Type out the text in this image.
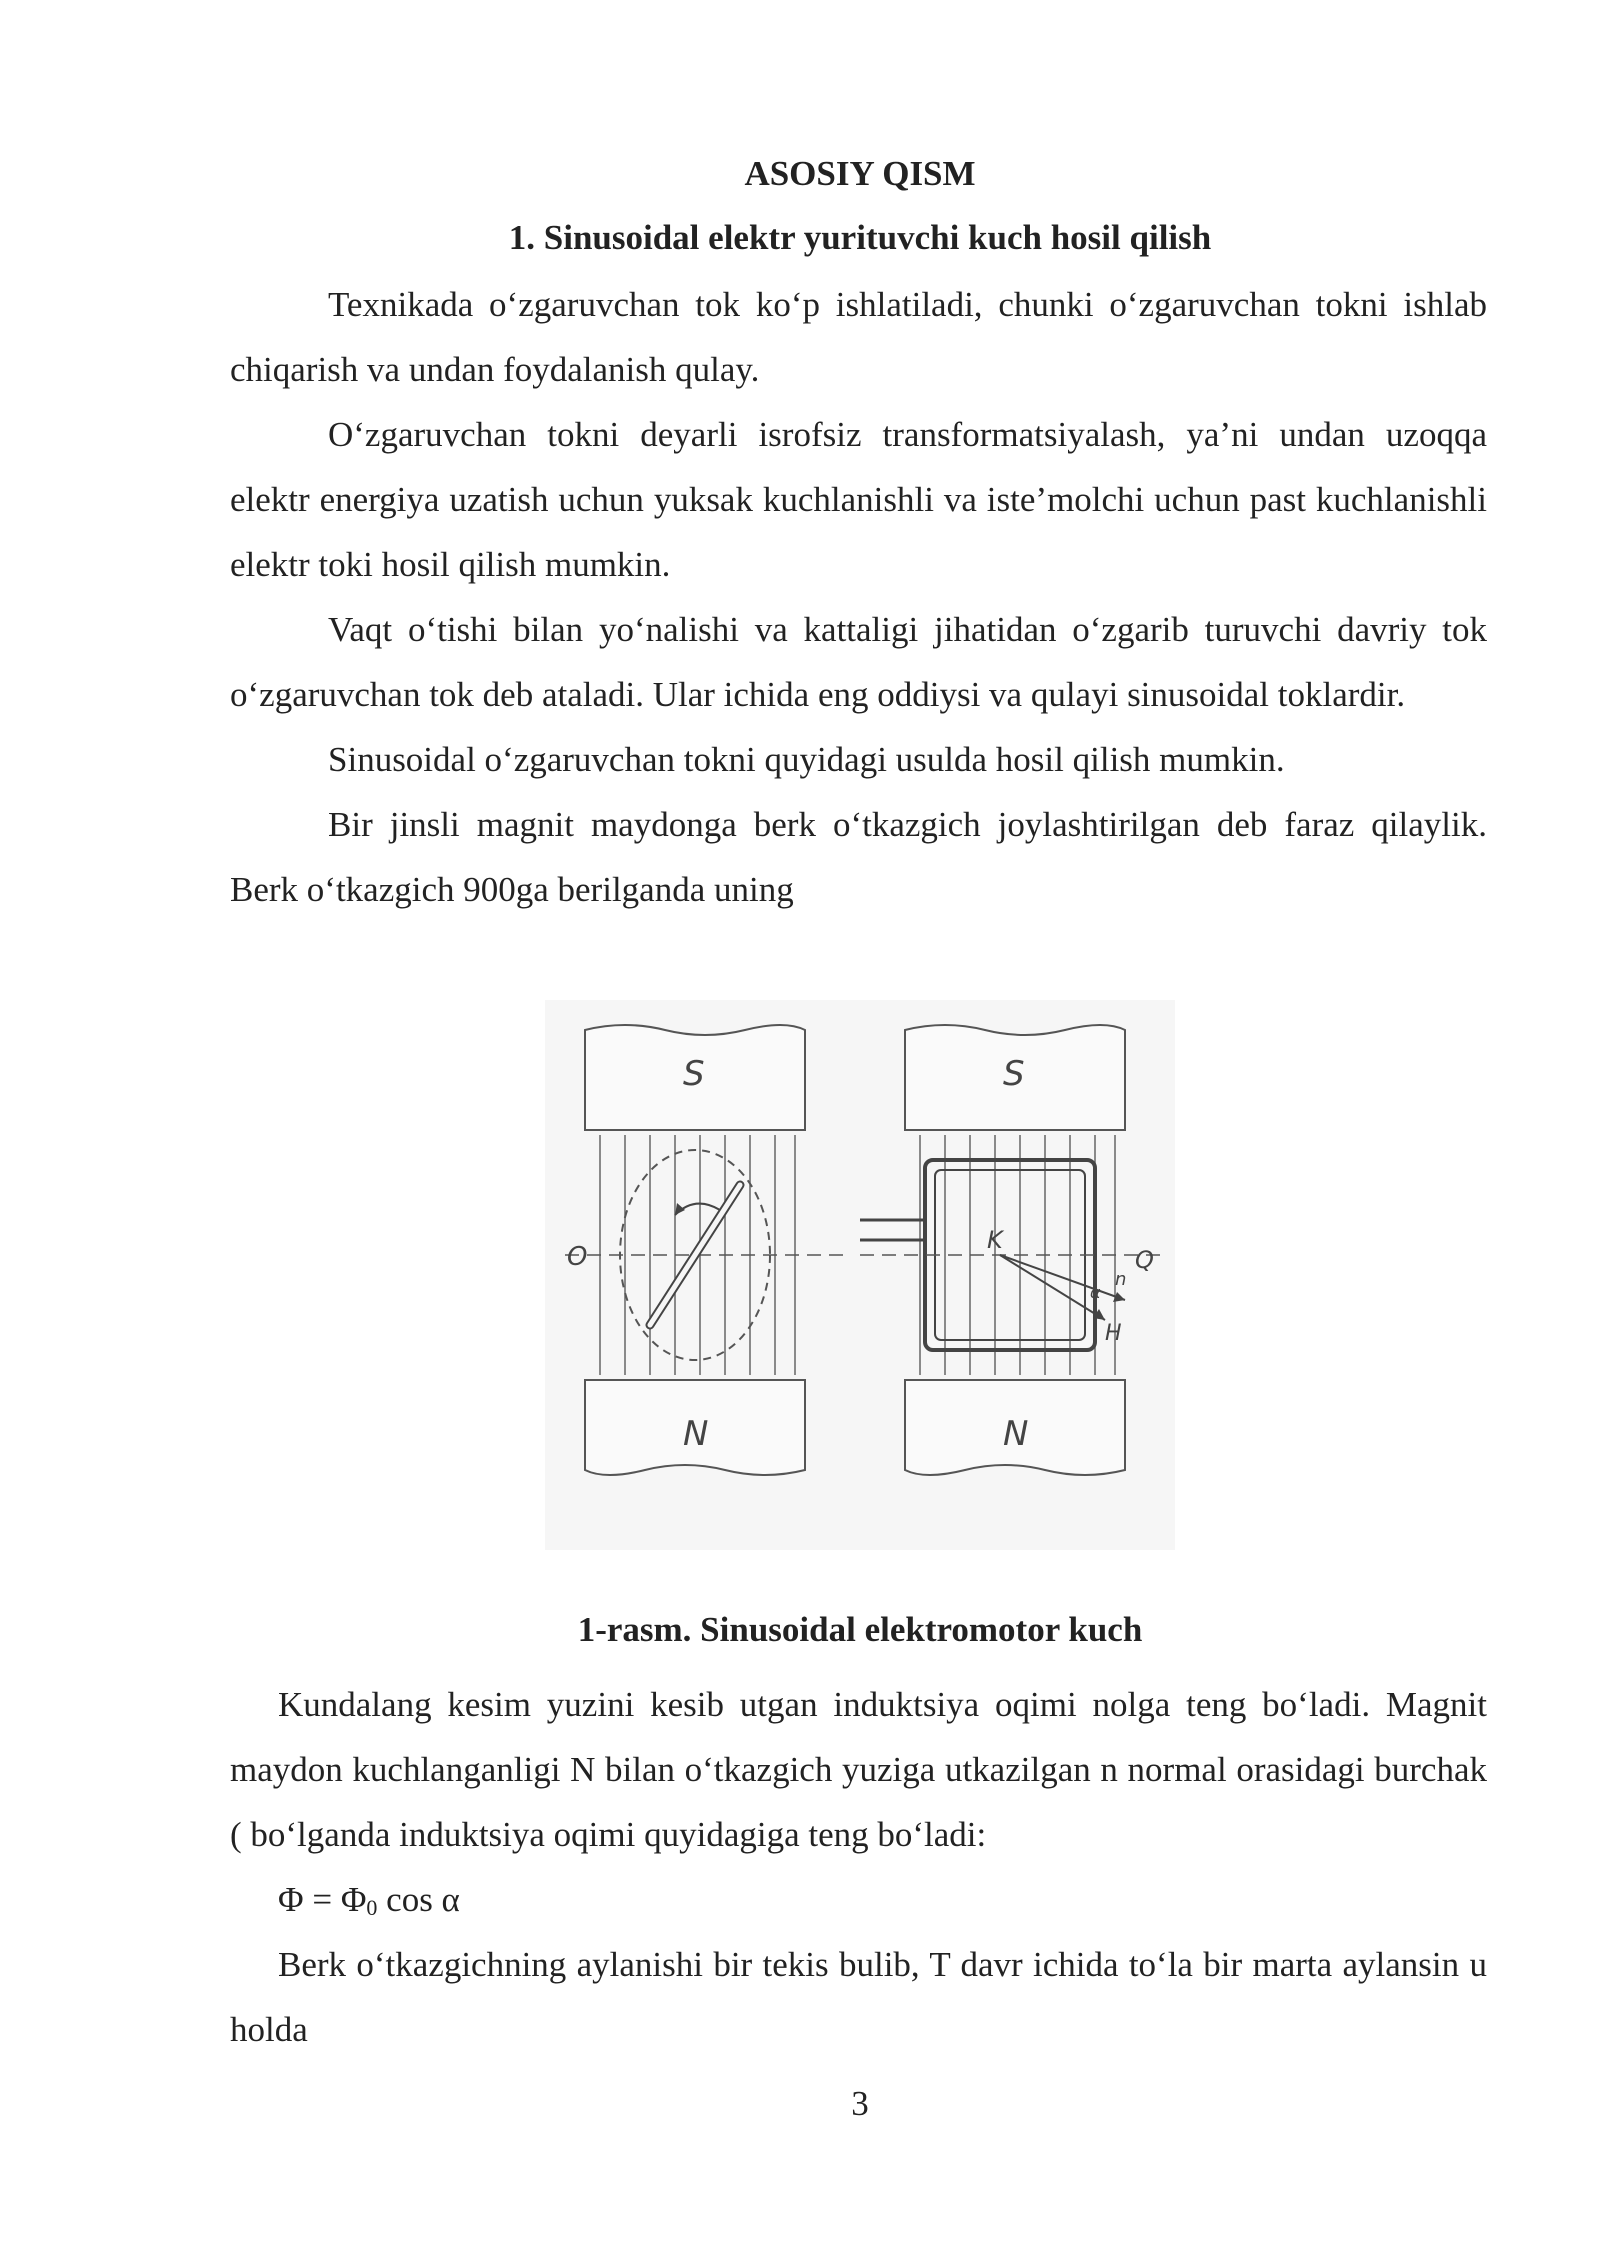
ASOSIY QISM
1. Sinusoidal elektr yurituvchi kuch hosil qilish

Texnikada o‘zgaruvchan tok ko‘p ishlatiladi, chunki o‘zgaruvchan tokni ishlab chiqarish va undan foydalanish qulay.

O‘zgaruvchan tokni deyarli isrofsiz transformatsiyalash, ya’ni undan uzoqqa elektr energiya uzatish uchun yuksak kuchlanishli va iste’molchi uchun past kuchlanishli elektr toki hosil qilish mumkin.

Vaqt o‘tishi bilan yo‘nalishi va kattaligi jihatidan o‘zgarib turuvchi davriy tok o‘zgaruvchan tok deb ataladi. Ular ichida eng oddiysi va qulayi sinusoidal toklardir.

Sinusoidal o‘zgaruvchan tokni quyidagi usulda hosil qilish mumkin.

Bir jinsli magnit maydonga berk o‘tkazgich joylashtirilgan deb faraz qilaylik. Berk o‘tkazgich 900ga berilganda uning

S
N
S
N
O
K
Q
H
n
α
1-rasm. Sinusoidal elektromotor kuch

Kundalang kesim yuzini kesib utgan induktsiya oqimi nolga teng bo‘ladi. Magnit maydon kuchlanganligi N bilan o‘tkazgich yuziga utkazilgan n normal orasidagi burchak ( bo‘lganda induktsiya oqimi quyidagiga teng bo‘ladi:

$\Phi = \Phi_0$ cos α

Berk o‘tkazgichning aylanishi bir tekis bulib, T davr ichida to‘la bir marta aylansin u holda

3
